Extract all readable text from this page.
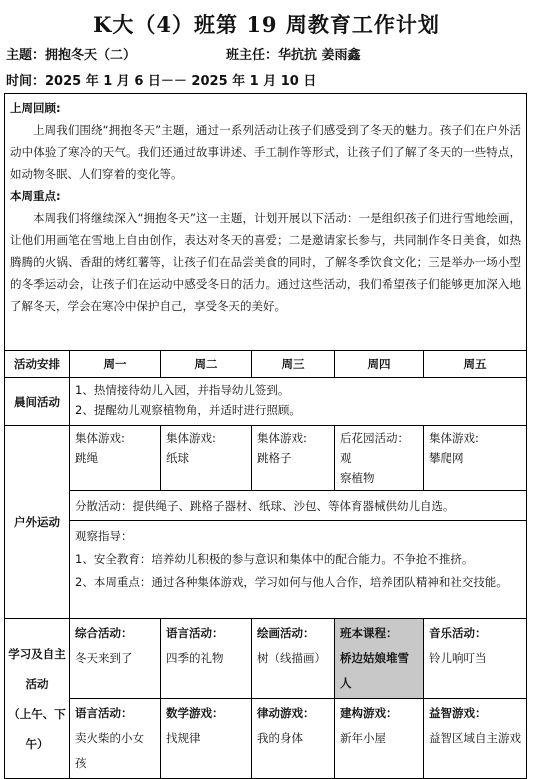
K大（4）班第 19 周教育工作计划
主题：拥抱冬天（二）	班主任：华抗抗 姜雨鑫
时间：2025 年 1 月 6 日－－ 2025 年 1 月 10 日
上周回顾:
上周我们围绕“拥抱冬天”主题，通过一系列活动让孩子们感受到了冬天的魅力。孩子们在户外活动中体验了寒冷的天气。我们还通过故事讲述、手工制作等形式，让孩子们了解了冬天的一些特点，如动物冬眠、人们穿着的变化等。
本周重点:
本周我们将继续深入“拥抱冬天”这一主题，计划开展以下活动：一是组织孩子们进行雪地绘画，让他们用画笔在雪地上自由创作，表达对冬天的喜爱；二是邀请家长参与，共同制作冬日美食，如热腾腾的火锅、香甜的烤红薯等，让孩子们在品尝美食的同时，了解冬季饮食文化；三是举办一场小型的冬季运动会，让孩子们在运动中感受冬日的活力。通过这些活动，我们希望孩子们能够更加深入地了解冬天，学会在寒冷中保护自己，享受冬天的美好。					

活动安排	周一	周二	周三	周四	周五
晨间活动	1、热情接待幼儿入园，并指导幼儿签到。
2、提醒幼儿观察植物角，并适时进行照顾。				

户外运动	集体游戏:
跳绳	集体游戏:
纸球	集体游戏:
跳格子	后花园活动：观
察植物	集体游戏:
攀爬网

	分散活动：提供绳子、跳格子器材、纸球、沙包、等体育器械供幼儿自选。				

	观察指导：
1、安全教育：培养幼儿积极的参与意识和集体中的配合能力。不争抢不推挤。
2、本周重点：通过各种集体游戏，学习如何与他人合作，培养团队精神和社交技能。				

学习及自主
活动
（上午、下
午）	综合活动：
冬天来到了	语言活动：
四季的礼物	绘画活动：
树（线描画）	班本课程：
桥边姑娘堆雪人	音乐活动：
铃儿响叮当

	语言活动：
卖火柴的小女孩	数学游戏：
找规律	律动游戏：
我的身体	建构游戏：
新年小屋	益智游戏：
益智区域自主游戏
